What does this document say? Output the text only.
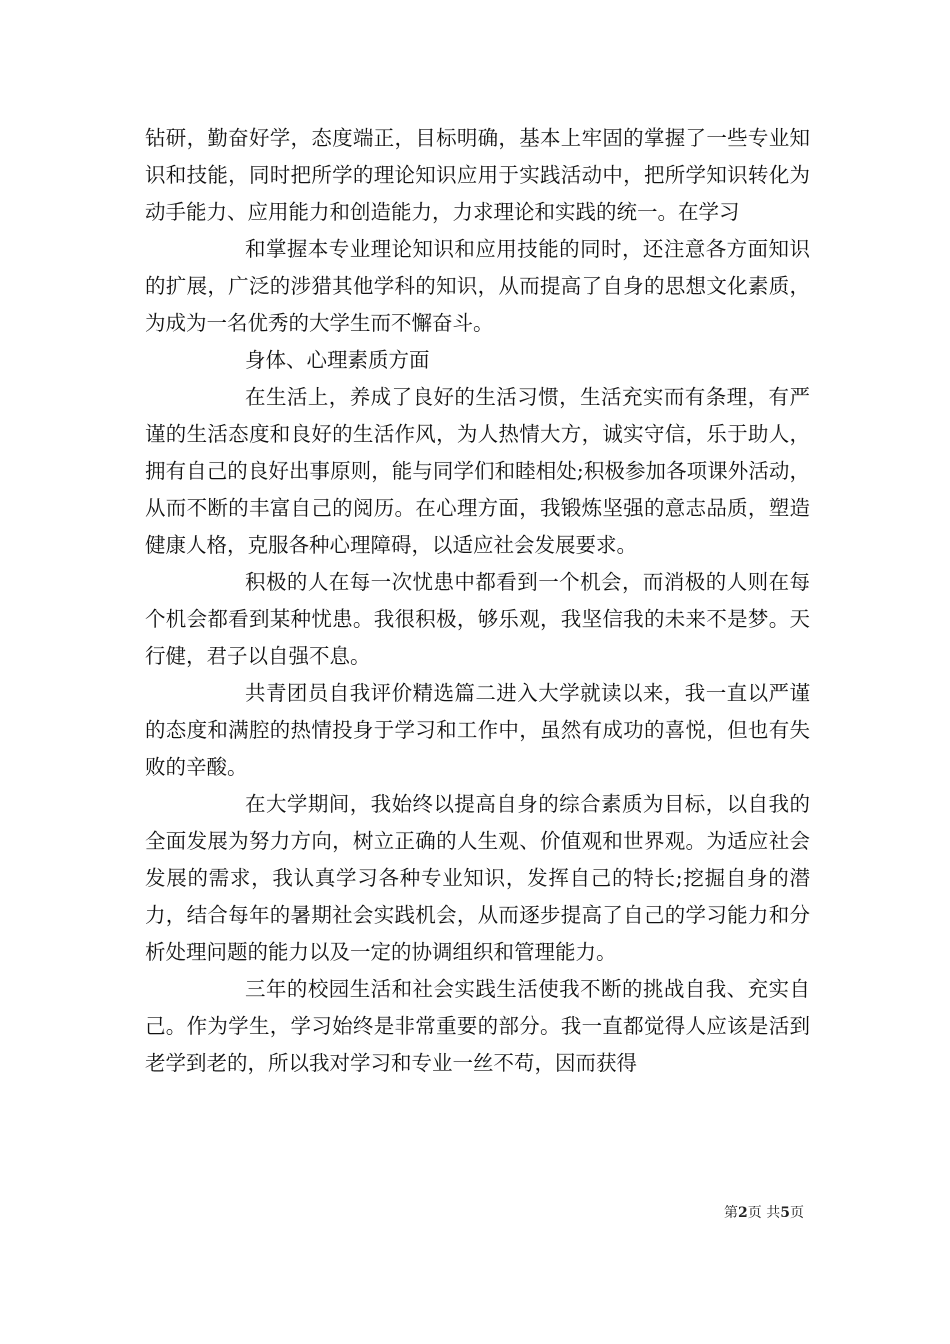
钻研，勤奋好学，态度端正，目标明确，基本上牢固的掌握了一些专业知识和技能，同时把所学的理论知识应用于实践活动中，把所学知识转化为动手能力、应用能力和创造能力，力求理论和实践的统一。在学习

和掌握本专业理论知识和应用技能的同时，还注意各方面知识的扩展，广泛的涉猎其他学科的知识，从而提高了自身的思想文化素质，为成为一名优秀的大学生而不懈奋斗。

身体、心理素质方面

在生活上，养成了良好的生活习惯，生活充实而有条理，有严谨的生活态度和良好的生活作风，为人热情大方，诚实守信，乐于助人，拥有自己的良好出事原则，能与同学们和睦相处;积极参加各项课外活动，从而不断的丰富自己的阅历。在心理方面，我锻炼坚强的意志品质，塑造健康人格，克服各种心理障碍，以适应社会发展要求。

积极的人在每一次忧患中都看到一个机会，而消极的人则在每个机会都看到某种忧患。我很积极，够乐观，我坚信我的未来不是梦。天行健，君子以自强不息。

共青团员自我评价精选篇二进入大学就读以来，我一直以严谨的态度和满腔的热情投身于学习和工作中，虽然有成功的喜悦，但也有失败的辛酸。

在大学期间，我始终以提高自身的综合素质为目标，以自我的全面发展为努力方向，树立正确的人生观、价值观和世界观。为适应社会发展的需求，我认真学习各种专业知识，发挥自己的特长;挖掘自身的潜力，结合每年的暑期社会实践机会，从而逐步提高了自己的学习能力和分析处理问题的能力以及一定的协调组织和管理能力。

三年的校园生活和社会实践生活使我不断的挑战自我、充实自己。作为学生，学习始终是非常重要的部分。我一直都觉得人应该是活到老学到老的，所以我对学习和专业一丝不苟，因而获得

第2页 共5页
